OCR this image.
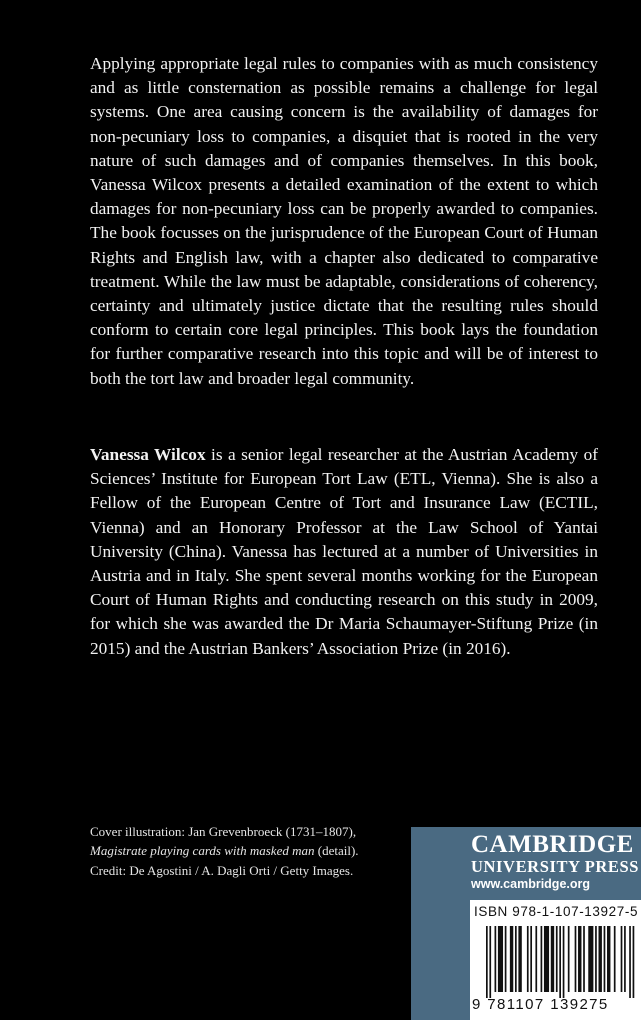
Applying appropriate legal rules to companies with as much consistency and as little consternation as possible remains a challenge for legal systems. One area causing concern is the availability of damages for non-pecuniary loss to companies, a disquiet that is rooted in the very nature of such damages and of companies themselves. In this book, Vanessa Wilcox presents a detailed examination of the extent to which damages for non-pecuniary loss can be properly awarded to companies. The book focusses on the jurisprudence of the European Court of Human Rights and English law, with a chapter also dedicated to comparative treatment. While the law must be adaptable, considerations of coherency, certainty and ultimately justice dictate that the resulting rules should conform to certain core legal principles. This book lays the foundation for further comparative research into this topic and will be of interest to both the tort law and broader legal community.

Vanessa Wilcox is a senior legal researcher at the Austrian Academy of Sciences’ Institute for European Tort Law (ETL, Vienna). She is also a Fellow of the European Centre of Tort and Insurance Law (ECTIL, Vienna) and an Honorary Professor at the Law School of Yantai University (China). Vanessa has lectured at a number of Universities in Austria and in Italy. She spent several months working for the European Court of Human Rights and conducting research on this study in 2009, for which she was awarded the Dr Maria Schaumayer-Stiftung Prize (in 2015) and the Austrian Bankers’ Association Prize (in 2016).

Cover illustration: Jan Grevenbroeck (1731–1807), Magistrate playing cards with masked man (detail). Credit: De Agostini / A. Dagli Orti / Getty Images.

CAMBRIDGE
UNIVERSITY PRESS
www.cambridge.org
ISBN 978-1-107-13927-5
9 781107 139275
